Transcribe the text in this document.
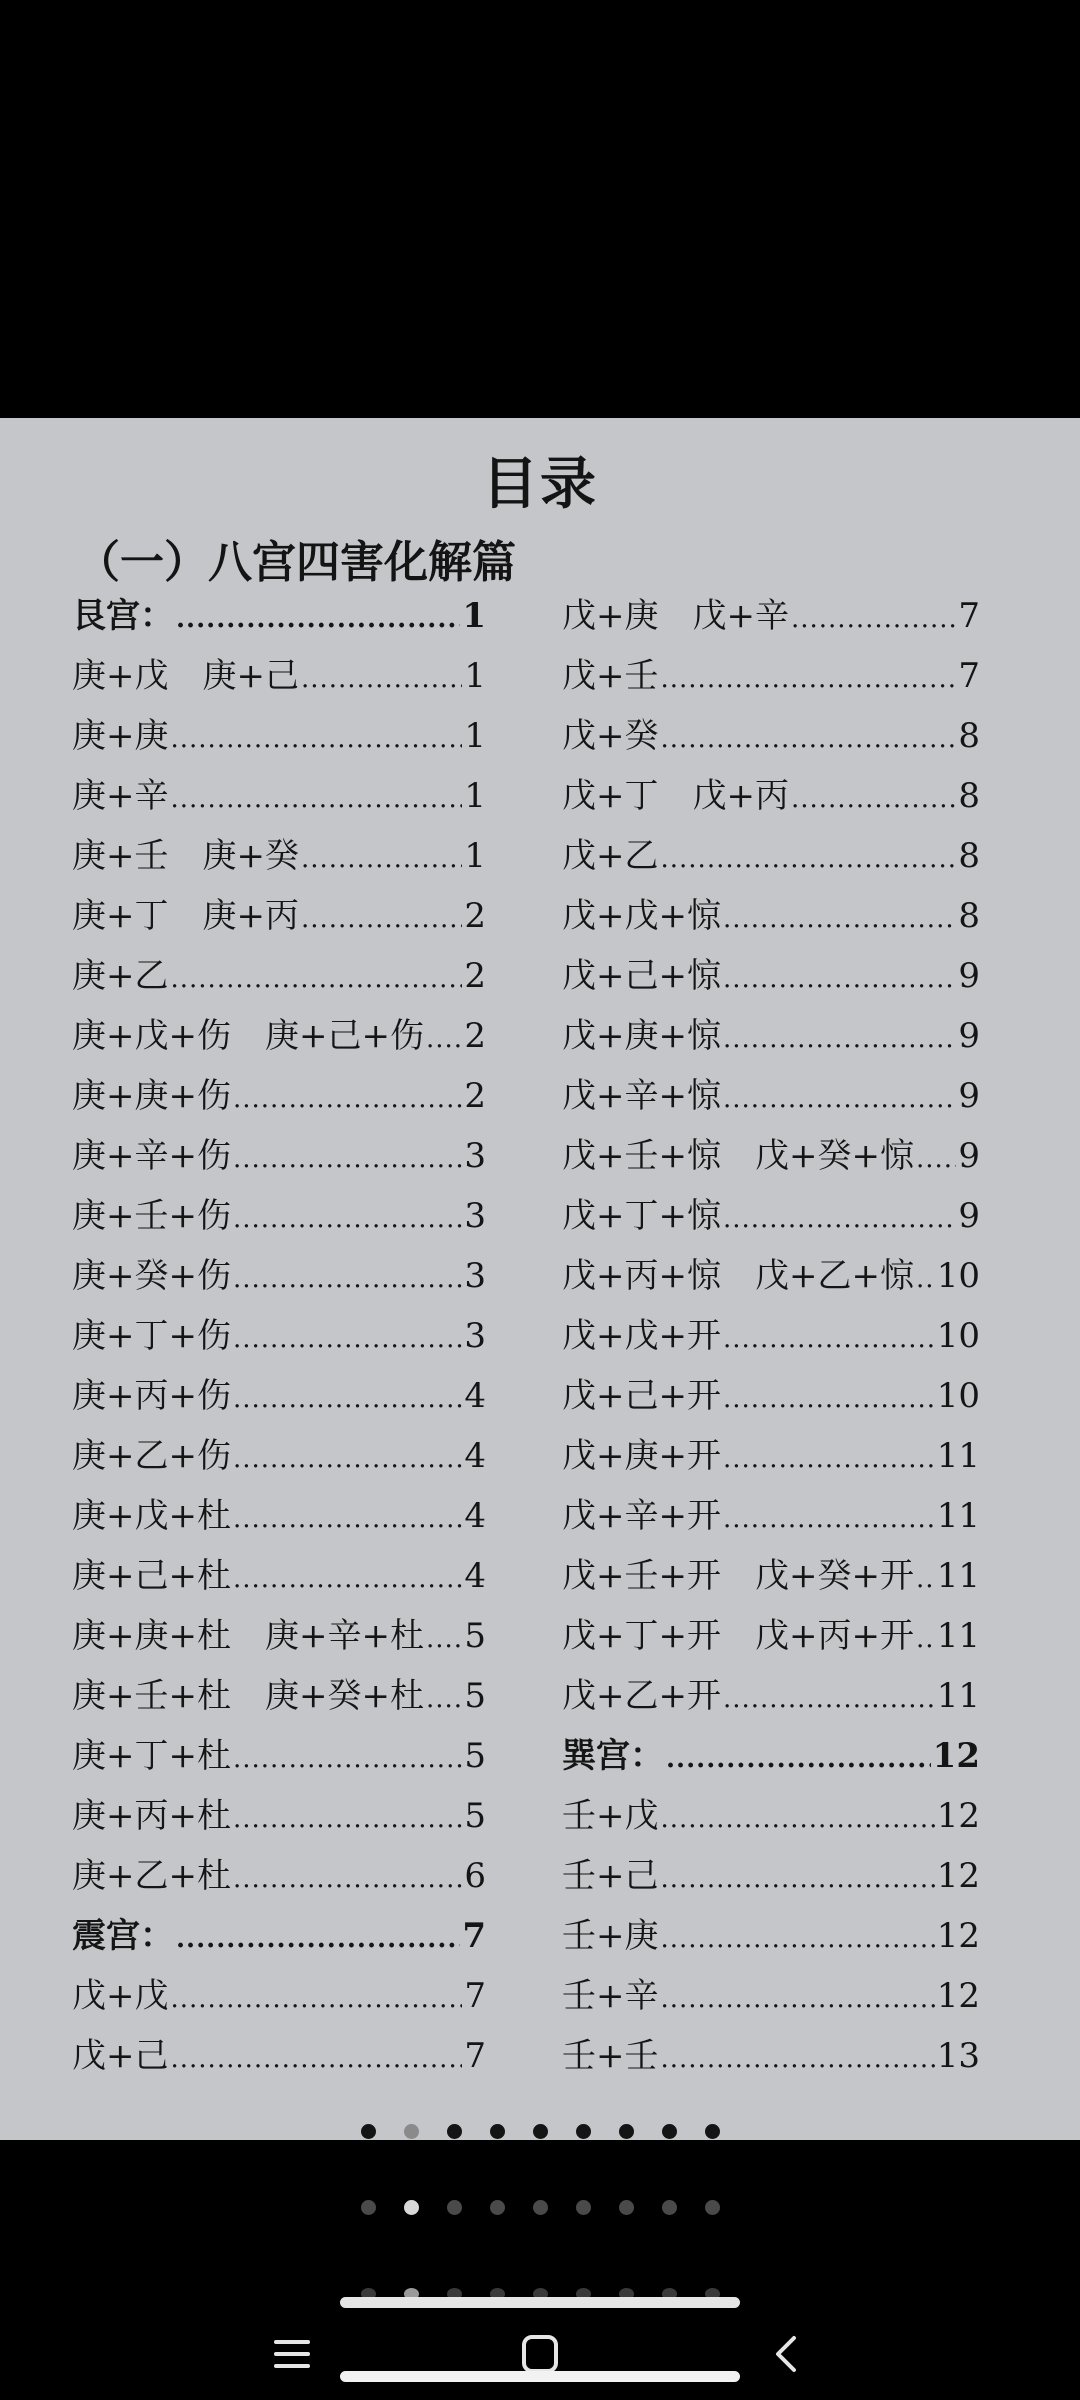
目录
（一）八宫四害化解篇
艮宫： .....	1
庚+戊　庚+己 .....	1
庚+庚 .....	1
庚+辛 .....	1
庚+壬　庚+癸 .....	1
庚+丁　庚+丙 .....	2
庚+乙 .....	2
庚+戊+伤　庚+己+伤 ..... 2
庚+庚+伤 .....	2
庚+辛+伤 .....	3
庚+壬+伤 .....	3
庚+癸+伤 .....	3
庚+丁+伤 .....	3
庚+丙+伤 .....	4
庚+乙+伤 .....	4
庚+戊+杜 .....	4
庚+己+杜 .....	4
庚+庚+杜　庚+辛+杜 ..... 5
庚+壬+杜　庚+癸+杜 ..... 5
庚+丁+杜 .....	5
庚+丙+杜 .....	5
庚+乙+杜 .....	6
震宫： .....	7
戊+戊 .....	7
戊+己 .....	7
戊+庚　戊+辛 .....	7
戊+壬 .....	7
戊+癸 .....	8
戊+丁　戊+丙 .....	8
戊+乙 .....	8
戊+戊+惊 .....	8
戊+己+惊 .....	9
戊+庚+惊 .....	9
戊+辛+惊 .....	9
戊+壬+惊　戊+癸+惊 ..... 9
戊+丁+惊 .....	9
戊+丙+惊　戊+乙+惊 ..... 10
戊+戊+开 .....	10
戊+己+开 .....	10
戊+庚+开 .....	11
戊+辛+开 .....	11
戊+壬+开　戊+癸+开 ..... 11
戊+丁+开　戊+丙+开 ..... 11
戊+乙+开 .....	11
巽宫： .....	12
壬+戊 .....	12
壬+己 .....	12
壬+庚 .....	12
壬+辛 .....	12
壬+壬 .....	13
